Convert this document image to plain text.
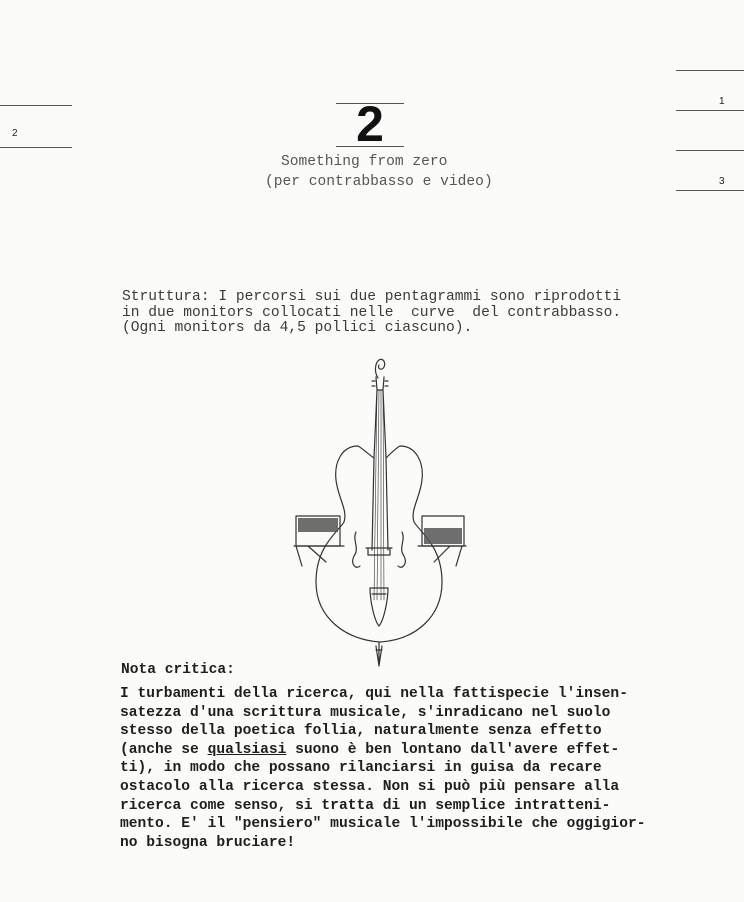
2
1
3
2
Something from zero
(per contrabbasso e video)
Struttura: I percorsi sui due pentagrammi sono riprodotti
in due monitors collocati nelle  curve  del contrabbasso.
(Ogni monitors da 4,5 pollici ciascuno).
Nota critica:
I turbamenti della ricerca, qui nella fattispecie l'insen-
satezza d'una scrittura musicale, s'inradicano nel suolo
stesso della poetica follia, naturalmente senza effetto
(anche se qualsiasi suono è ben lontano dall'avere effet-
ti), in modo che possano rilanciarsi in guisa da recare
ostacolo alla ricerca stessa. Non si può più pensare alla
ricerca come senso, si tratta di un semplice intratteni-
mento. E' il "pensiero" musicale l'impossibile che oggigior-
no bisogna bruciare!
